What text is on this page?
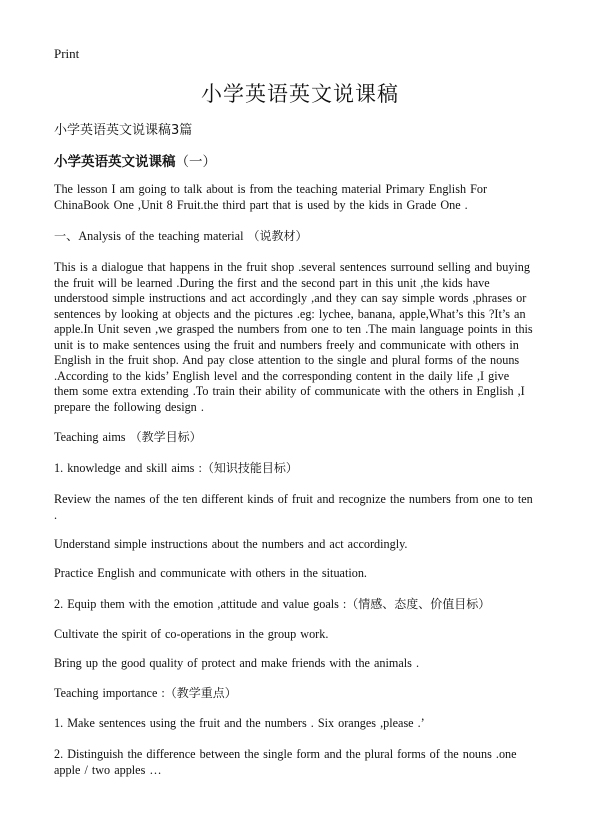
Print
小学英语英文说课稿
小学英语英文说课稿3篇
小学英语英文说课稿（一）
The lesson I am going to talk about is from the teaching material Primary English For ChinaBook One ,Unit 8 Fruit.the third part that is used by the kids in Grade One .
一、Analysis of the teaching material （说教材）
This is a dialogue that happens in the fruit shop .several sentences surround selling and buying the fruit will be learned .During the first and the second part in this unit ,the kids have understood simple instructions and act accordingly ,and they can say simple words ,phrases or sentences by looking at objects and the pictures .eg: lychee, banana, apple,What’s this ?It’s an apple.In Unit seven ,we grasped the numbers from one to ten .The main language points in this unit is to make sentences using the fruit and numbers freely and communicate with others in English in the fruit shop. And pay close attention to the single and plural forms of the nouns .According to the kids’ English level and the corresponding content in the daily life ,I give them some extra extending .To train their ability of communicate with the others in English ,I prepare the following design .
Teaching aims （教学目标）
1. knowledge and skill aims :（知识技能目标）
Review the names of the ten different kinds of fruit and recognize the numbers from one to ten .
Understand simple instructions about the numbers and act accordingly.
Practice English and communicate with others in the situation.
2. Equip them with the emotion ,attitude and value goals :（情感、态度、价值目标）
Cultivate the spirit of co-operations in the group work.
Bring up the good quality of protect and make friends with the animals .
Teaching importance :（教学重点）
1. Make sentences using the fruit and the numbers . Six oranges ,please .’
2. Distinguish the difference between the single form and the plural forms of the nouns .one apple / two apples …
